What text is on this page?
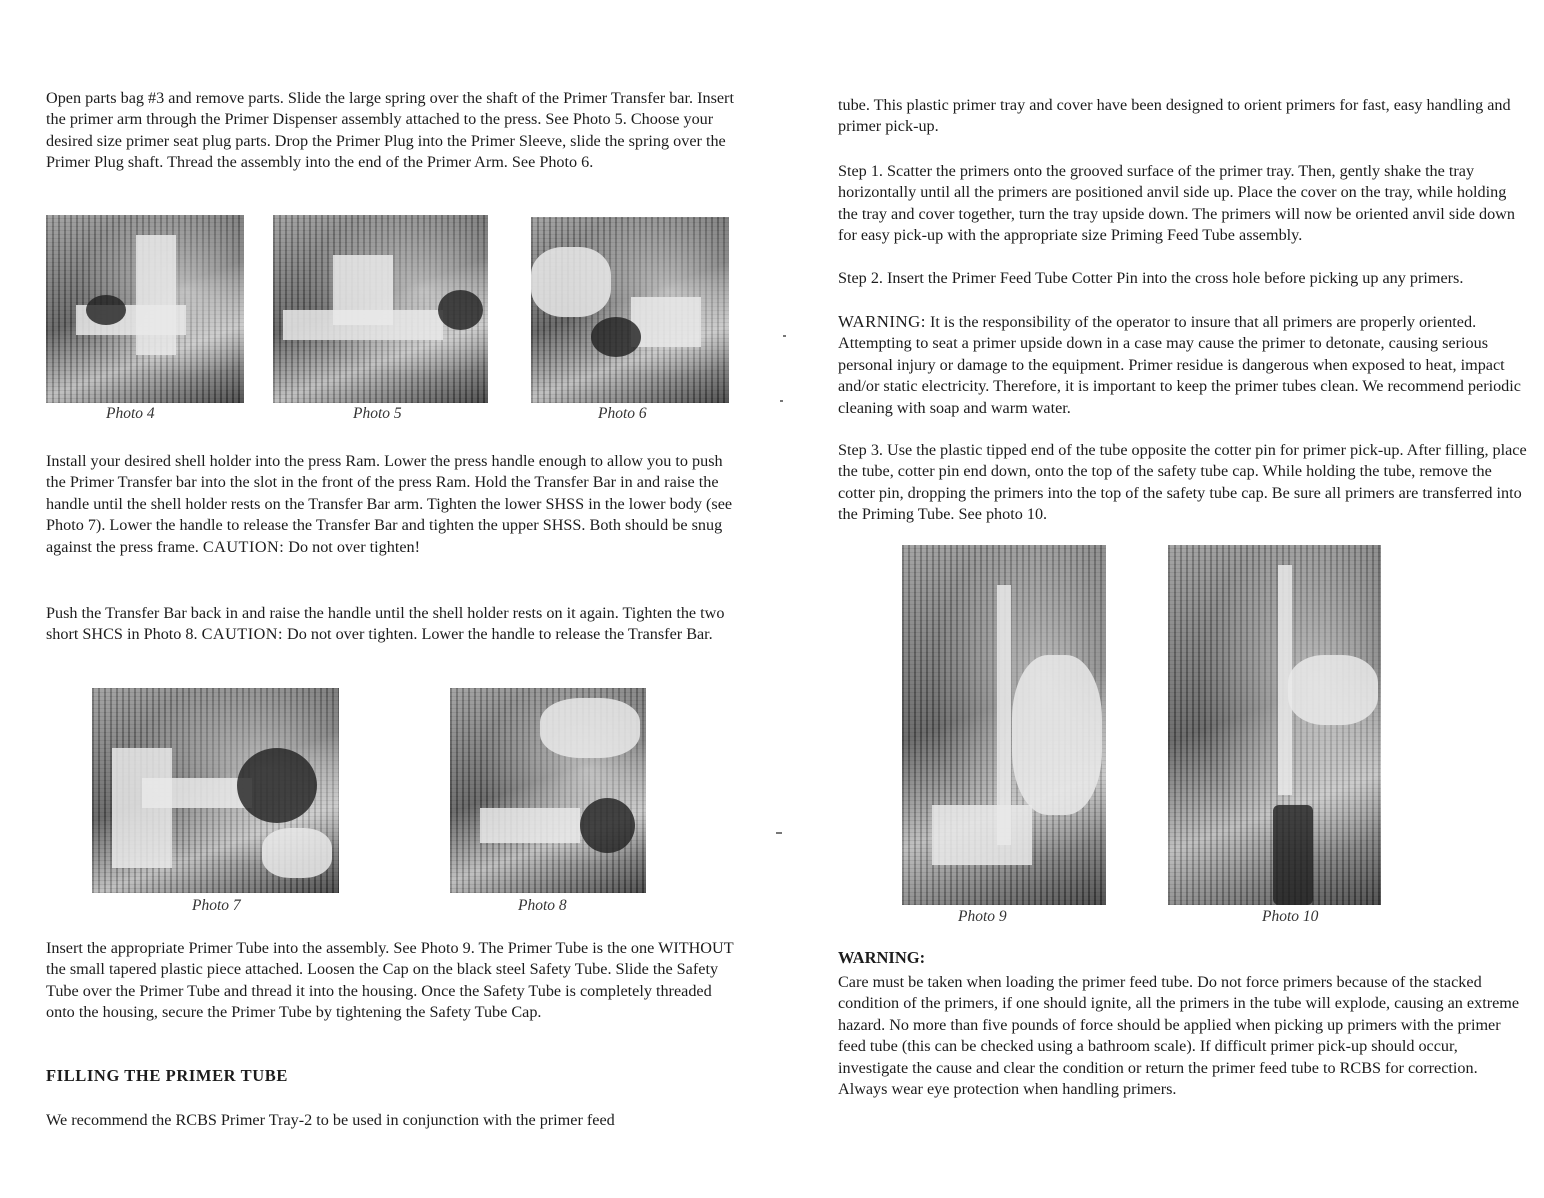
Open parts bag #3 and remove parts. Slide the large spring over the shaft of the Primer Transfer bar. Insert the primer arm through the Primer Dispenser assembly attached to the press. See Photo 5. Choose your desired size primer seat plug parts. Drop the Primer Plug into the Primer Sleeve, slide the spring over the Primer Plug shaft. Thread the assembly into the end of the Primer Arm. See Photo 6.

Photo 4	Photo 5	Photo 6

Install your desired shell holder into the press Ram. Lower the press handle enough to allow you to push the Primer Transfer bar into the slot in the front of the press Ram. Hold the Transfer Bar in and raise the handle until the shell holder rests on the Transfer Bar arm. Tighten the lower SHSS in the lower body (see Photo 7). Lower the handle to release the Transfer Bar and tighten the upper SHSS. Both should be snug against the press frame. CAUTION: Do not over tighten!

Push the Transfer Bar back in and raise the handle until the shell holder rests on it again. Tighten the two short SHCS in Photo 8. CAUTION: Do not over tighten. Lower the handle to release the Transfer Bar.

Photo 7	Photo 8

Insert the appropriate Primer Tube into the assembly. See Photo 9. The Primer Tube is the one WITHOUT the small tapered plastic piece attached. Loosen the Cap on the black steel Safety Tube. Slide the Safety Tube over the Primer Tube and thread it into the housing. Once the Safety Tube is completely threaded onto the housing, secure the Primer Tube by tightening the Safety Tube Cap.

FILLING THE PRIMER TUBE

We recommend the RCBS Primer Tray-2 to be used in conjunction with the primer feed

tube. This plastic primer tray and cover have been designed to orient primers for fast, easy handling and primer pick-up.

Step 1. Scatter the primers onto the grooved surface of the primer tray. Then, gently shake the tray horizontally until all the primers are positioned anvil side up. Place the cover on the tray, while holding the tray and cover together, turn the tray upside down. The primers will now be oriented anvil side down for easy pick-up with the appropriate size Priming Feed Tube assembly.

Step 2. Insert the Primer Feed Tube Cotter Pin into the cross hole before picking up any primers.

WARNING: It is the responsibility of the operator to insure that all primers are properly oriented. Attempting to seat a primer upside down in a case may cause the primer to detonate, causing serious personal injury or damage to the equipment. Primer residue is dangerous when exposed to heat, impact and/or static electricity. Therefore, it is important to keep the primer tubes clean. We recommend periodic cleaning with soap and warm water.

Step 3. Use the plastic tipped end of the tube opposite the cotter pin for primer pick-up. After filling, place the tube, cotter pin end down, onto the top of the safety tube cap. While holding the tube, remove the cotter pin, dropping the primers into the top of the safety tube cap. Be sure all primers are transferred into the Priming Tube. See photo 10.

Photo 9	Photo 10
WARNING:

Care must be taken when loading the primer feed tube. Do not force primers because of the stacked condition of the primers, if one should ignite, all the primers in the tube will explode, causing an extreme hazard. No more than five pounds of force should be applied when picking up primers with the primer feed tube (this can be checked using a bathroom scale). If difficult primer pick-up should occur, investigate the cause and clear the condition or return the primer feed tube to RCBS for correction. Always wear eye protection when handling primers.
